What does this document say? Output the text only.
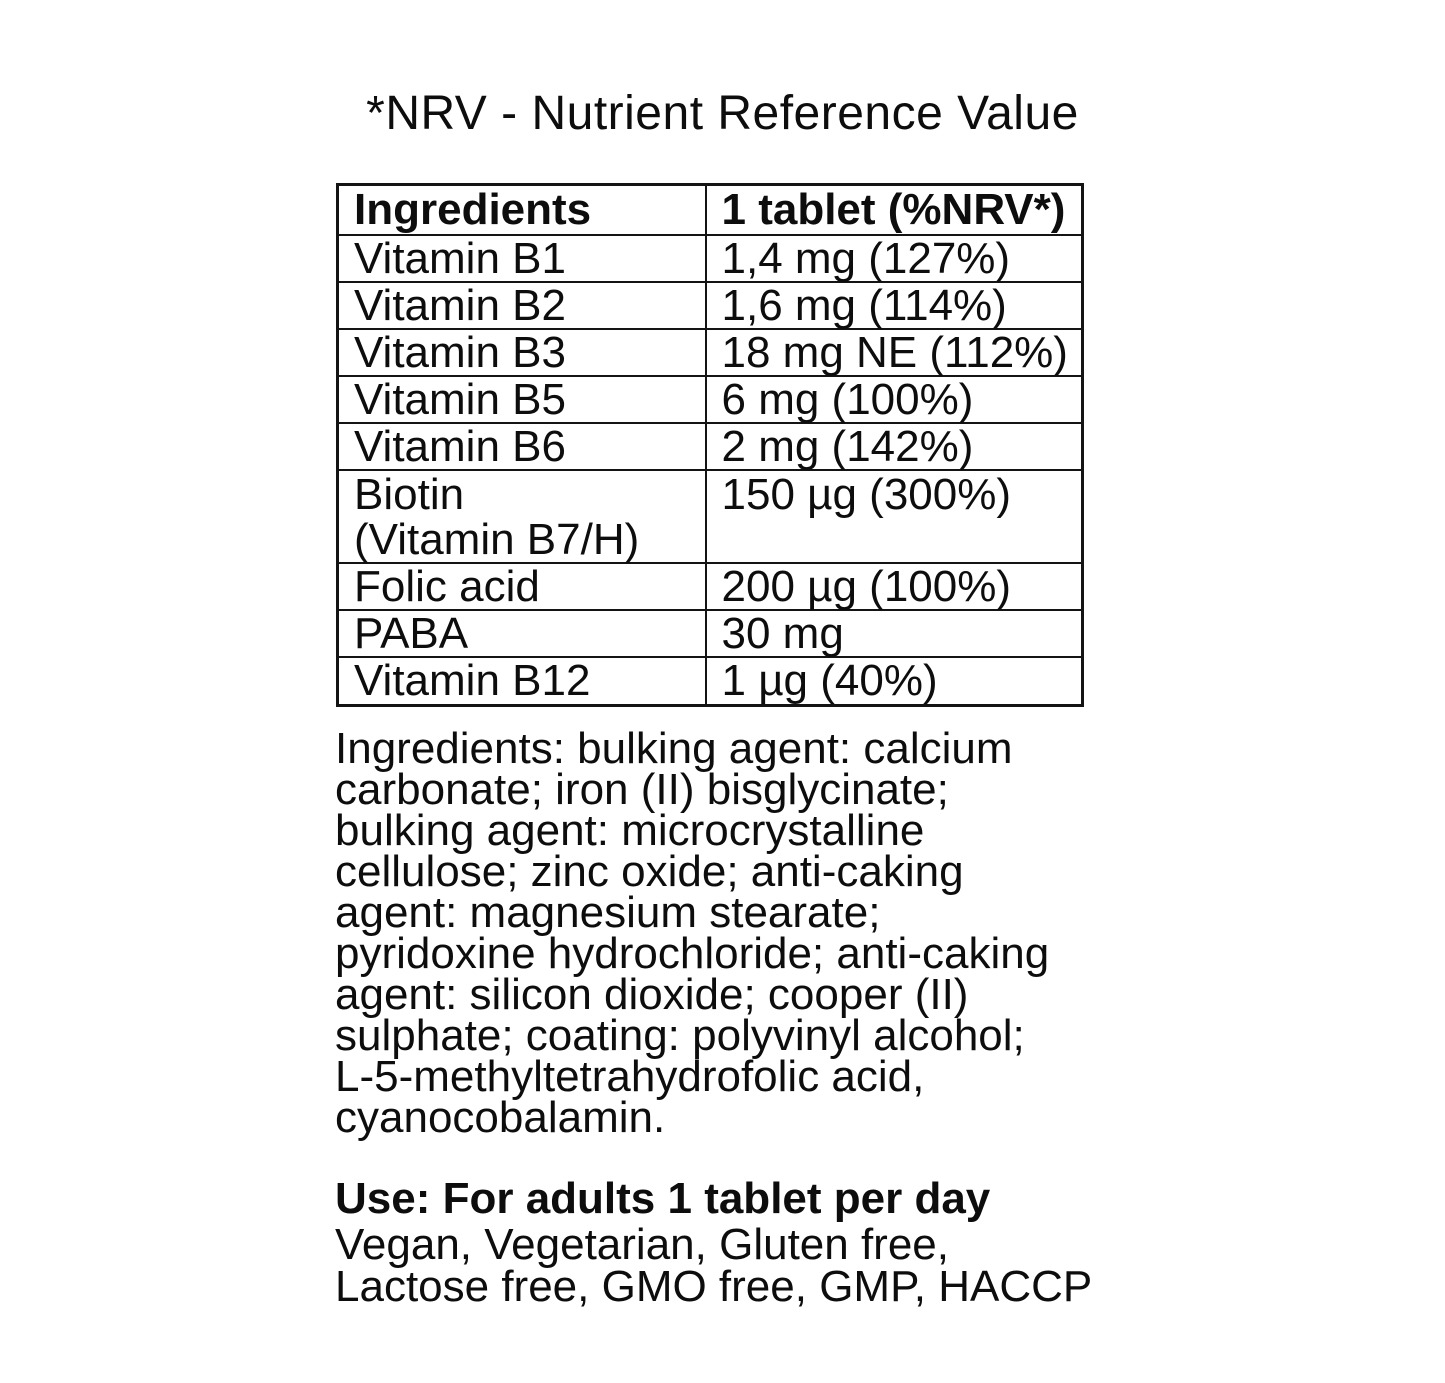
*NRV - Nutrient Reference Value
Ingredients	1 tablet (%NRV*)
Vitamin B1	1,4 mg (127%)
Vitamin B2	1,6 mg (114%)
Vitamin B3	18 mg NE (112%)
Vitamin B5	6 mg (100%)
Vitamin B6	2 mg (142%)

Biotin
(Vitamin B7/H)	150 µg (300%)
Folic acid	200 µg (100%)
PABA	30 mg
Vitamin B12	1 µg (40%)
Ingredients: bulking agent: calcium
carbonate; iron (II) bisglycinate;
bulking agent: microcrystalline
cellulose; zinc oxide; anti-caking
agent: magnesium stearate;
pyridoxine hydrochloride; anti-caking
agent: silicon dioxide; cooper (II)
sulphate; coating: polyvinyl alcohol;
L-5-methyltetrahydrofolic acid,
cyanocobalamin.
Use: For adults 1 tablet per day
Vegan, Vegetarian, Gluten free,
Lactose free, GMO free, GMP, HACCP
